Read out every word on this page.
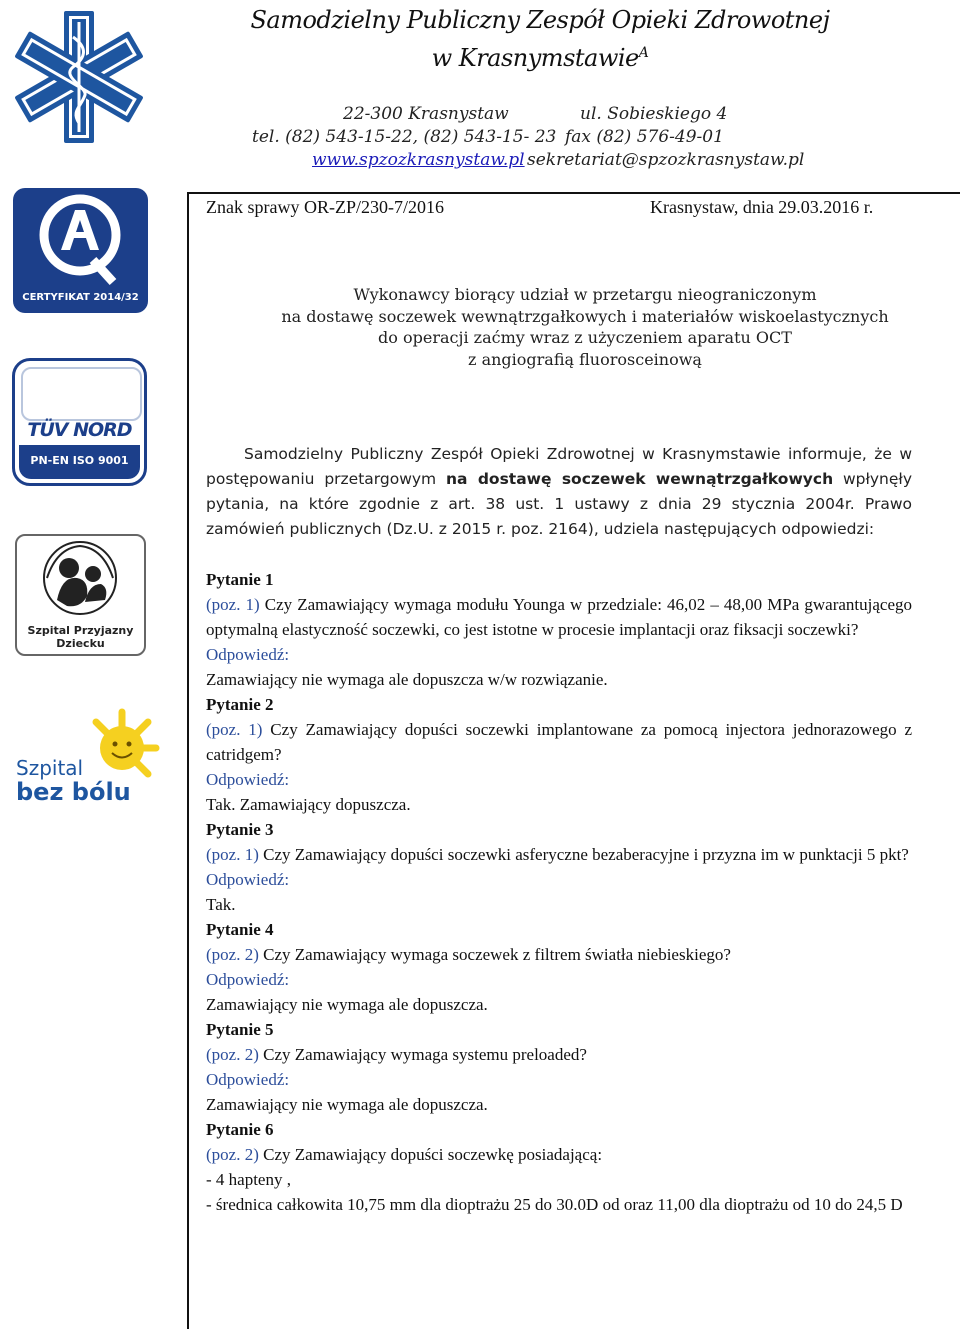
Samodzielny Publiczny Zespół Opieki Zdrowotnej
w Krasnymstawie$^A$
22-300 Krasnystaw	ul. Sobieskiego 4
tel. (82) 543-15-22, (82) 543-15- 23 fax (82) 576-49-01
www.spzozkrasnystaw.pl sekretariat@spzozkrasnystaw.pl
CERTYFIKAT 2014/32
TÜV NORD
PN-EN ISO 9001
Szpital Przyjazny
Dziecku
Szpital
bez bólu
Znak sprawy OR-ZP/230-7/2016	Krasnystaw, dnia 29.03.2016 r.
Wykonawcy biorący udział w przetargu nieograniczonym
na dostawę soczewek wewnątrzgałkowych i materiałów wiskoelastycznych
do operacji zaćmy wraz z użyczeniem aparatu OCT
z angiografią fluorosceinową

Samodzielny Publiczny Zespół Opieki Zdrowotnej w Krasnymstawie informuje, że w postępowaniu przetargowym na dostawę soczewek wewnątrzgałkowych wpłynęły pytania, na które zgodnie z art. 38 ust. 1 ustawy z dnia 29 stycznia 2004r. Prawo zamówień publicznych (Dz.U. z 2015 r. poz. 2164), udziela następujących odpowiedzi:

Pytanie 1

(poz. 1) Czy Zamawiający wymaga modułu Younga w przedziale: 46,02 – 48,00 MPa gwarantującego optymalną elastyczność soczewki, co jest istotne w procesie implantacji oraz fiksacji soczewki?

Odpowiedź:

Zamawiający nie wymaga ale dopuszcza w/w rozwiązanie.

Pytanie 2

(poz. 1) Czy Zamawiający dopuści soczewki implantowane za pomocą injectora jednorazowego z catridgem?

Odpowiedź:

Tak. Zamawiający dopuszcza.

Pytanie 3

(poz. 1) Czy Zamawiający dopuści soczewki asferyczne bezaberacyjne i przyzna im w punktacji 5 pkt?

Odpowiedź:

Tak.

Pytanie 4

(poz. 2) Czy Zamawiający wymaga soczewek z filtrem światła niebieskiego?

Odpowiedź:

Zamawiający nie wymaga ale dopuszcza.

Pytanie 5

(poz. 2) Czy Zamawiający wymaga systemu preloaded?

Odpowiedź:

Zamawiający nie wymaga ale dopuszcza.

Pytanie 6

(poz. 2) Czy Zamawiający dopuści soczewkę posiadającą:

- 4 hapteny ,

- średnica całkowita 10,75 mm dla dioptrażu 25 do 30.0D od oraz 11,00 dla dioptrażu od 10 do 24,5 D
